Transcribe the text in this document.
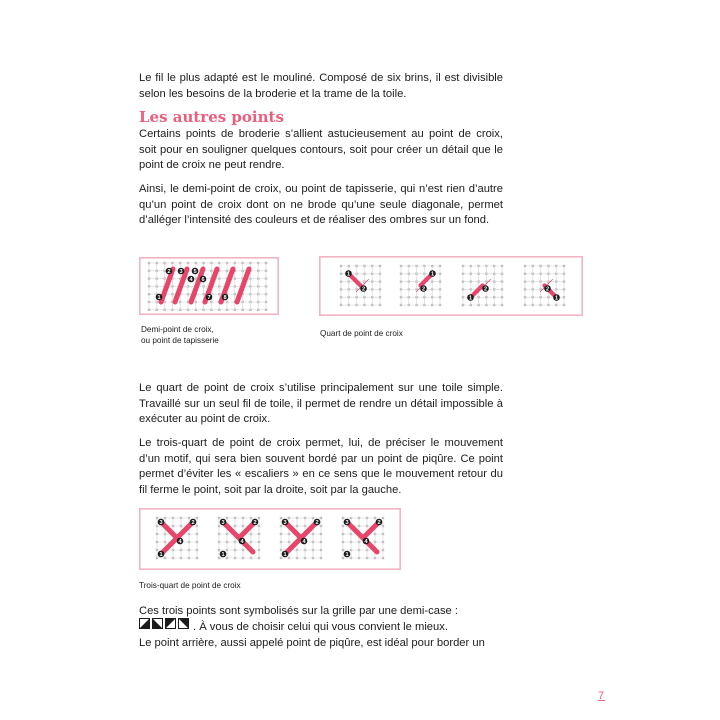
Le fil le plus adapté est le mouliné. Composé de six brins, il est divisible selon les besoins de la broderie et la trame de la toile.

Les autres points

Certains points de broderie s’allient astucieusement au point de croix, soit pour en souligner quelques contours, soit pour créer un détail que le point de croix ne peut rendre.

Ainsi, le demi-point de croix, ou point de tapisserie, qui n’est rien d’autre qu’un point de croix dont on ne brode qu’une seule diagonale, permet d’alléger l’intensité des couleurs et de réaliser des ombres sur un fond.

1
2 3
4
5
6
7 8
Demi-point de croix,
ou point de tapisserie
1
2
1
2
1
2
1
2
Quart de point de croix

Le quart de point de croix s’utilise principalement sur une toile simple. Travaillé sur un seul fil de toile, il permet de rendre un détail impossible à exécuter au point de croix.

Le trois-quart de point de croix permet, lui, de préciser le mouvement d’un motif, qui sera bien souvent bordé par un point de piqûre. Ce point permet d’éviter les « escaliers » en ce sens que le mouvement retour du fil ferme le point, soit par la droite, soit par la gauche.

1
2
3
4
1
2
3
4
1
2
3
4
1
2
3
4
Trois-quart de point de croix

Ces trois points sont symbolisés sur la grille par une demi-case :

. À vous de choisir celui qui vous convient le mieux.

Le point arrière, aussi appelé point de piqûre, est idéal pour border un

7
